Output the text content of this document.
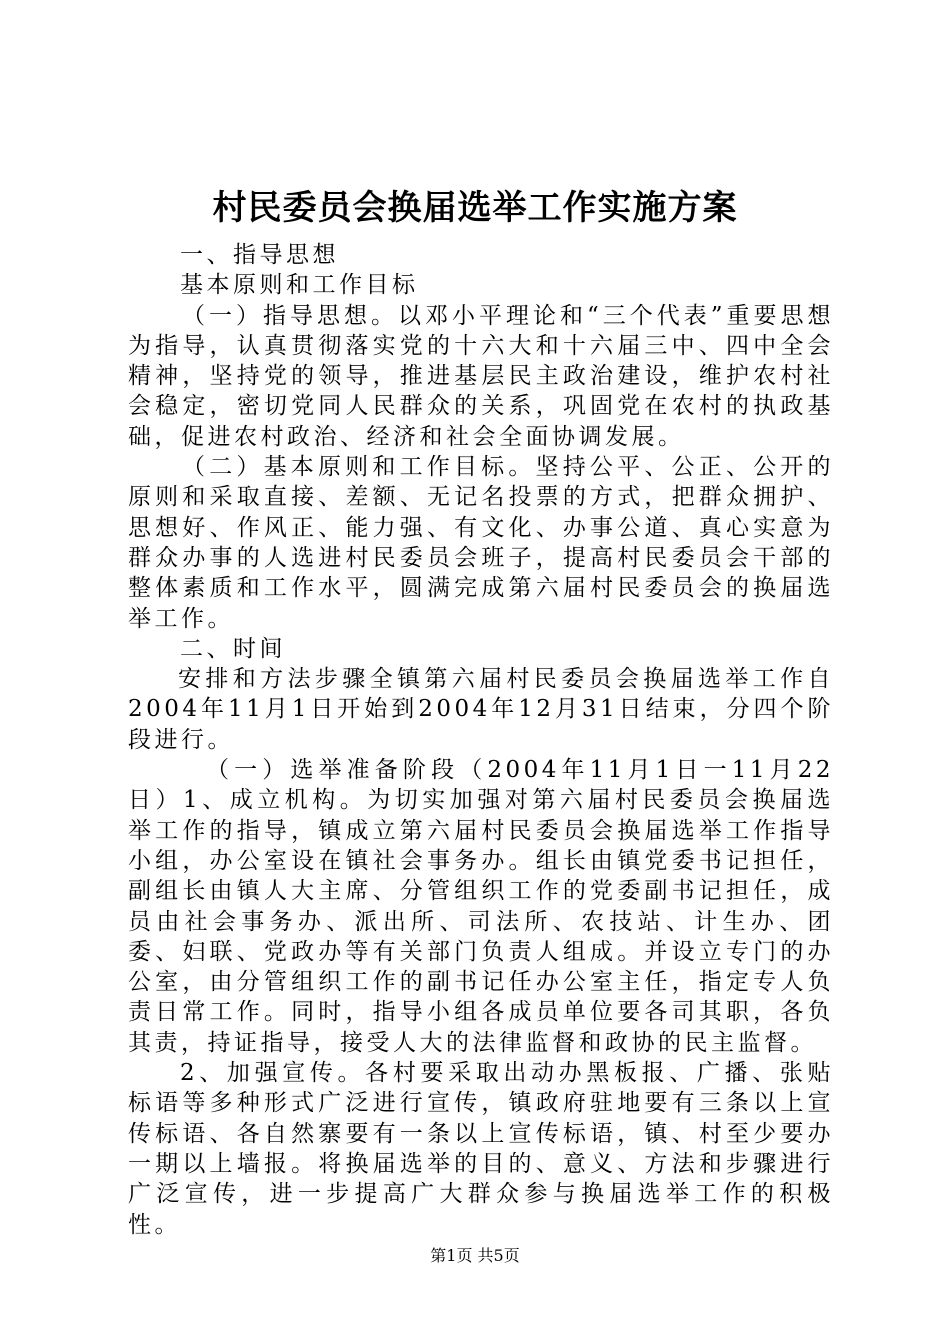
村民委员会换届选举工作实施方案

一、指导思想

基本原则和工作目标

（一）指导思想。以邓小平理论和“三个代表”重要思想为指导，认真贯彻落实党的十六大和十六届三中、四中全会精神，坚持党的领导，推进基层民主政治建设，维护农村社会稳定，密切党同人民群众的关系，巩固党在农村的执政基础，促进农村政治、经济和社会全面协调发展。

（二）基本原则和工作目标。坚持公平、公正、公开的原则和采取直接、差额、无记名投票的方式，把群众拥护、思想好、作风正、能力强、有文化、办事公道、真心实意为群众办事的人选进村民委员会班子，提高村民委员会干部的整体素质和工作水平，圆满完成第六届村民委员会的换届选举工作。

二、时间

安排和方法步骤全镇第六届村民委员会换届选举工作自2004年11月1日开始到2004年12月31日结束，分四个阶段进行。

（一）选举准备阶段（2004年11月1日一11月22日）1、成立机构。为切实加强对第六届村民委员会换届选举工作的指导，镇成立第六届村民委员会换届选举工作指导小组，办公室设在镇社会事务办。组长由镇党委书记担任，副组长由镇人大主席、分管组织工作的党委副书记担任，成员由社会事务办、派出所、司法所、农技站、计生办、团委、妇联、党政办等有关部门负责人组成。并设立专门的办公室，由分管组织工作的副书记任办公室主任，指定专人负责日常工作。同时，指导小组各成员单位要各司其职，各负其责，持证指导，接受人大的法律监督和政协的民主监督。

2、加强宣传。各村要采取出动办黑板报、广播、张贴标语等多种形式广泛进行宣传，镇政府驻地要有三条以上宣传标语、各自然寨要有一条以上宣传标语，镇、村至少要办一期以上墙报。将换届选举的目的、意义、方法和步骤进行广泛宣传，进一步提高广大群众参与换届选举工作的积极性。

第1页 共5页
